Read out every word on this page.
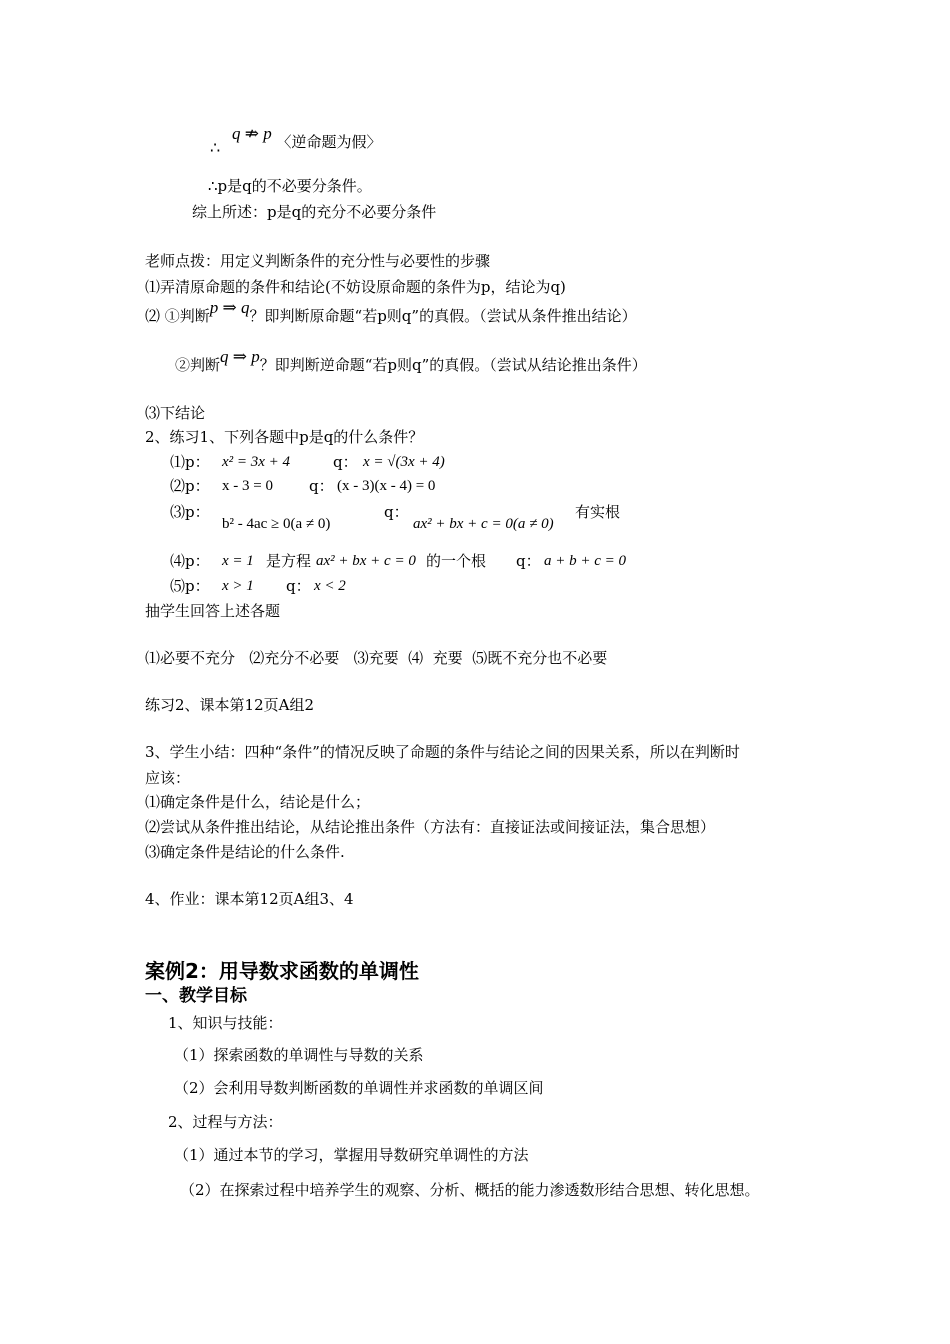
∴
q ⇏ p 〈逆命题为假〉
∴p是q的不必要分条件。
综上所述：p是q的充分不必要分条件
老师点拨：用定义判断条件的充分性与必要性的步骤
⑴弄清原命题的条件和结论(不妨设原命题的条件为p，结论为q)
⑵ ①判断p ⇒ q？即判断原命题“若p则q”的真假。（尝试从条件推出结论）
②判断q ⇒ p？即判断逆命题“若p则q”的真假。（尝试从结论推出条件）
⑶下结论
2、练习1、下列各题中p是q的什么条件？
⑴p： x² = 3x + 4	q： x = √(3x + 4)
⑵p： x - 3 = 0 q： (x - 3)(x - 4) = 0
⑶p：
b² - 4ac ≥ 0(a ≠ 0)
q：
ax² + bx + c = 0(a ≠ 0)
有实根
⑷p： x = 1 是方程 ax² + bx + c = 0 的一个根 q： a + b + c = 0
⑸p： x > 1 q： x < 2
抽学生回答上述各题
⑴必要不充分   ⑵充分不必要   ⑶充要  ⑷  充要  ⑸既不充分也不必要
练习2、课本第12页A组2
3、学生小结：四种“条件”的情况反映了命题的条件与结论之间的因果关系，所以在判断时
应该：
⑴确定条件是什么，结论是什么；
⑵尝试从条件推出结论，从结论推出条件（方法有：直接证法或间接证法，集合思想）
⑶确定条件是结论的什么条件.
4、作业：课本第12页A组3、4
案例2：用导数求函数的单调性
一、教学目标
1、知识与技能：
（1）探索函数的单调性与导数的关系
（2）会利用导数判断函数的单调性并求函数的单调区间
2、过程与方法：
（1）通过本节的学习，掌握用导数研究单调性的方法
（2）在探索过程中培养学生的观察、分析、概括的能力渗透数形结合思想、转化思想。
